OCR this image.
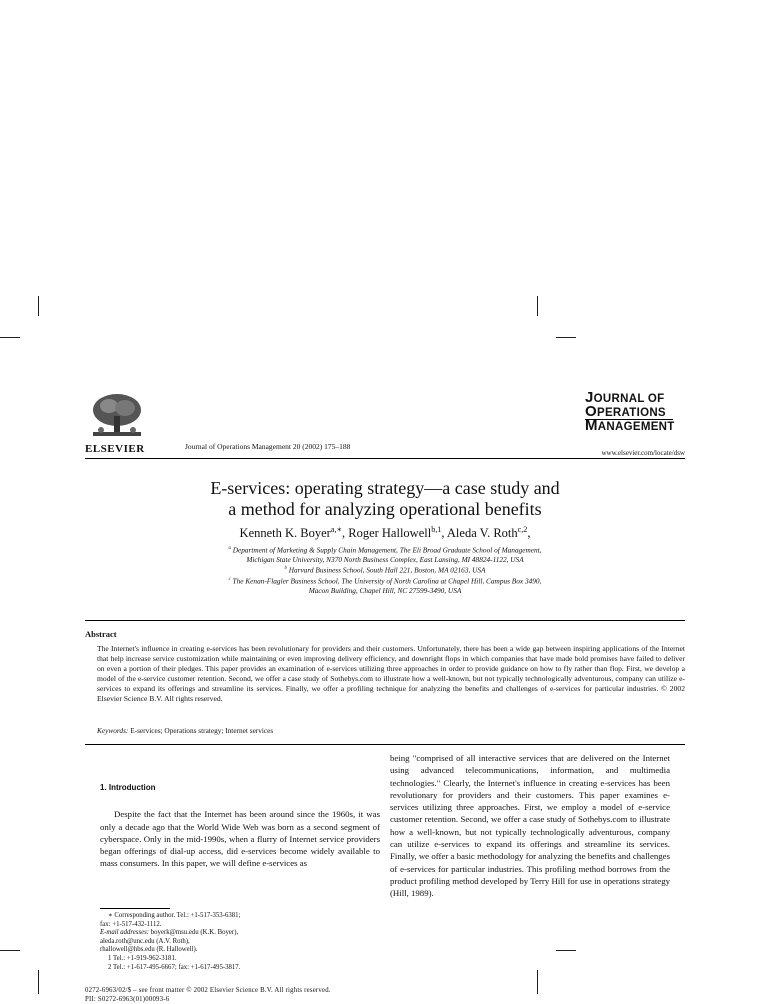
ELSEVIER	Journal of Operations Management 20 (2002) 175–188
JOURNAL OF
OPERATIONS
MANAGEMENT
www.elsevier.com/locate/dsw
E-services: operating strategy—a case study and
a method for analyzing operational benefits
Kenneth K. Boyer$^{a,∗}$, Roger Hallowell$^{b,1}$, Aleda V. Roth$^{c,2}$,
$^a$ Department of Marketing & Supply Chain Management, The Eli Broad Graduate School of Management,
Michigan State University, N370 North Business Complex, East Lansing, MI 48824-1122, USA
$^b$ Harvard Business School, South Hall 221, Boston, MA 02163, USA
$^c$ The Kenan-Flagler Business School, The University of North Carolina at Chapel Hill, Campus Box 3490,
Macon Building, Chapel Hill, NC 27599-3490, USA
Abstract
The Internet's influence in creating e-services has been revolutionary for providers and their customers. Unfortunately, there has been a wide gap between inspiring applications of the Internet that help increase service customization while maintaining or even improving delivery efficiency, and downright flops in which companies that have made bold promises have failed to deliver on even a portion of their pledges. This paper provides an examination of e-services utilizing three approaches in order to provide guidance on how to fly rather than flop. First, we develop a model of the e-service customer retention. Second, we offer a case study of Sothebys.com to illustrate how a well-known, but not typically technologically adventurous, company can utilize e-services to expand its offerings and streamline its services. Finally, we offer a profiling technique for analyzing the benefits and challenges of e-services for particular industries. © 2002 Elsevier Science B.V. All rights reserved.
Keywords: E-services; Operations strategy; Internet services
1. Introduction

Despite the fact that the Internet has been around since the 1960s, it was only a decade ago that the World Wide Web was born as a second segment of cyberspace. Only in the mid-1990s, when a flurry of Internet service providers began offerings of dial-up access, did e-services become widely available to mass consumers. In this paper, we will define e-services as

being "comprised of all interactive services that are delivered on the Internet using advanced telecommunications, information, and multimedia technologies." Clearly, the Internet's influence in creating e-services has been revolutionary for providers and their customers. This paper examines e-services utilizing three approaches. First, we employ a model of e-service customer retention. Second, we offer a case study of Sothebys.com to illustrate how a well-known, but not typically technologically adventurous, company can utilize e-services to expand its offerings and streamline its services. Finally, we offer a basic methodology for analyzing the benefits and challenges of e-services for particular industries. This profiling method borrows from the product profiling method developed by Terry Hill for use in operations strategy (Hill, 1989).

∗ Corresponding author. Tel.: +1-517-353-6381;
fax: +1-517-432-1112.
E-mail addresses: boyerk@msu.edu (K.K. Boyer),
aleda.roth@unc.edu (A.V. Roth),
rhallowell@hbs.edu (R. Hallowell).
1 Tel.: +1-919-962-3181.
2 Tel.: +1-617-495-6667; fax: +1-617-495-3817.
0272-6963/02/$ – see front matter © 2002 Elsevier Science B.V. All rights reserved.
PII: S0272-6963(01)00093-6
